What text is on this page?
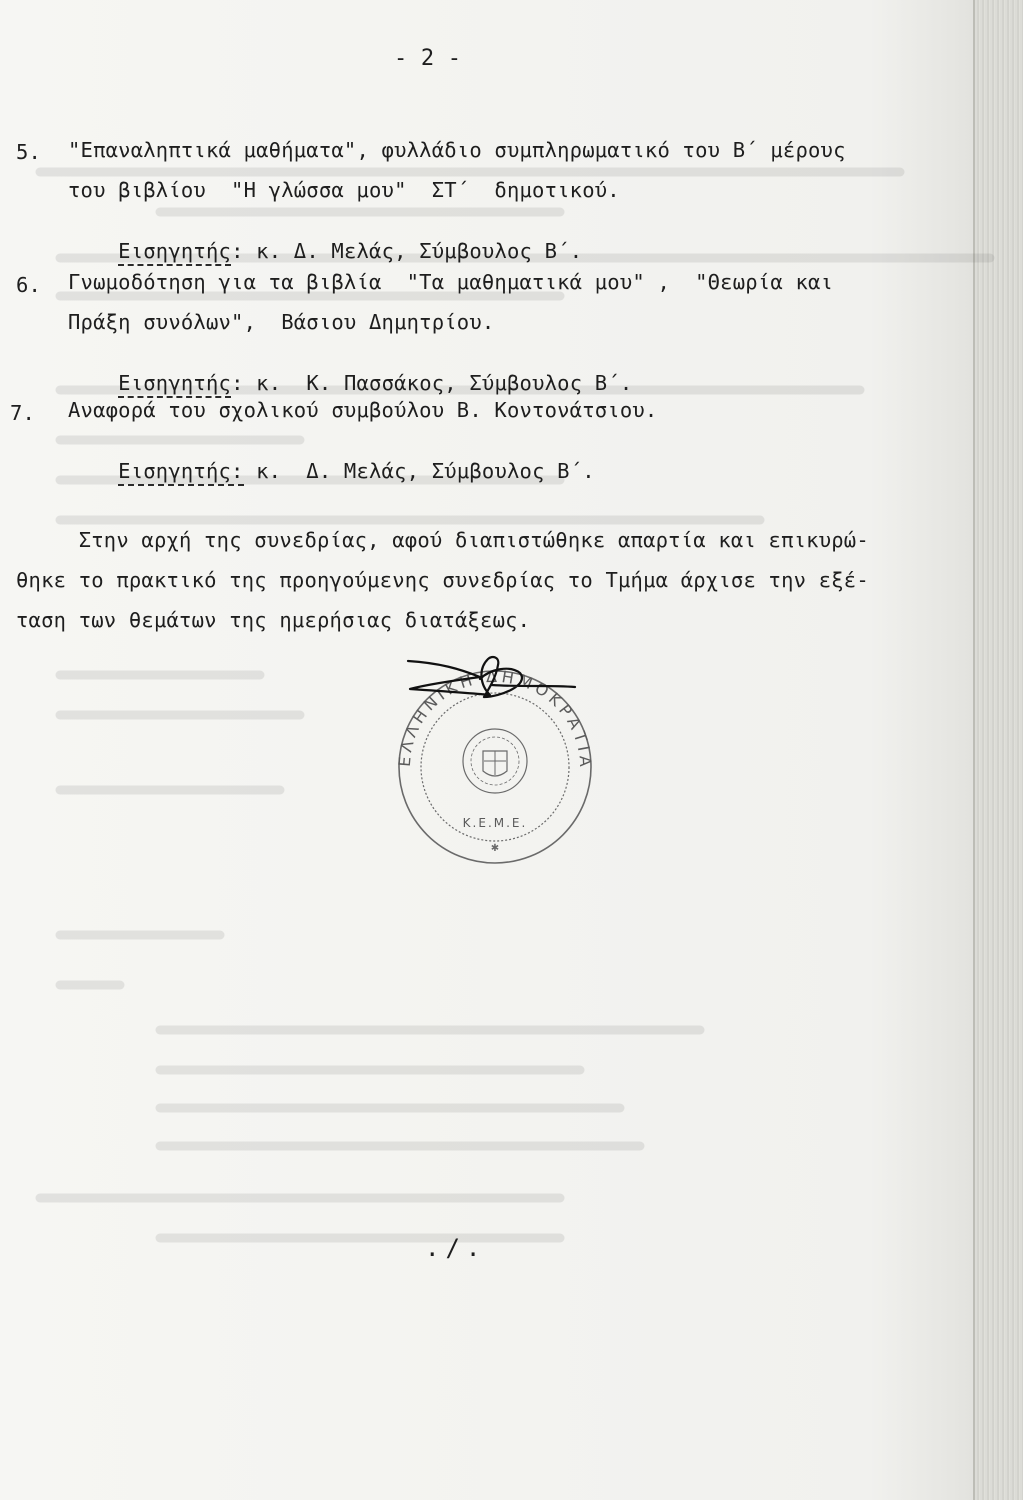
- 2 -
5. "Επαναληπτικά μαθήματα", φυλλάδιο συμπληρωματικό του Β΄ μέρους
του βιβλίου  "Η γλώσσα μου"  ΣΤ΄  δημοτικού.

Εισηγητής: κ. Δ. Μελάς, Σύμβουλος Β΄.

6. Γνωμοδότηση για τα βιβλία  "Τα μαθηματικά μου" ,  "Θεωρία και
Πράξη συνόλων",  Βάσιου Δημητρίου.

Εισηγητής: κ.  Κ. Πασσάκος, Σύμβουλος Β΄.

7. Αναφορά του σχολικού συμβούλου Β. Κοντονάτσιου.

Εισηγητής: κ.  Δ. Μελάς, Σύμβουλος Β΄.

Στην αρχή της συνεδρίας, αφού διαπιστώθηκε απαρτία και επικυρώ-
θηκε το πρακτικό της προηγούμενης συνεδρίας το Τμήμα άρχισε την εξέ-
ταση των θεμάτων της ημερήσιας διατάξεως.
ΕΛΛΗΝΙΚΗ ΔΗΜΟΚΡΑΤΙΑ
Κ.Ε.Μ.Ε.
✱
./.
